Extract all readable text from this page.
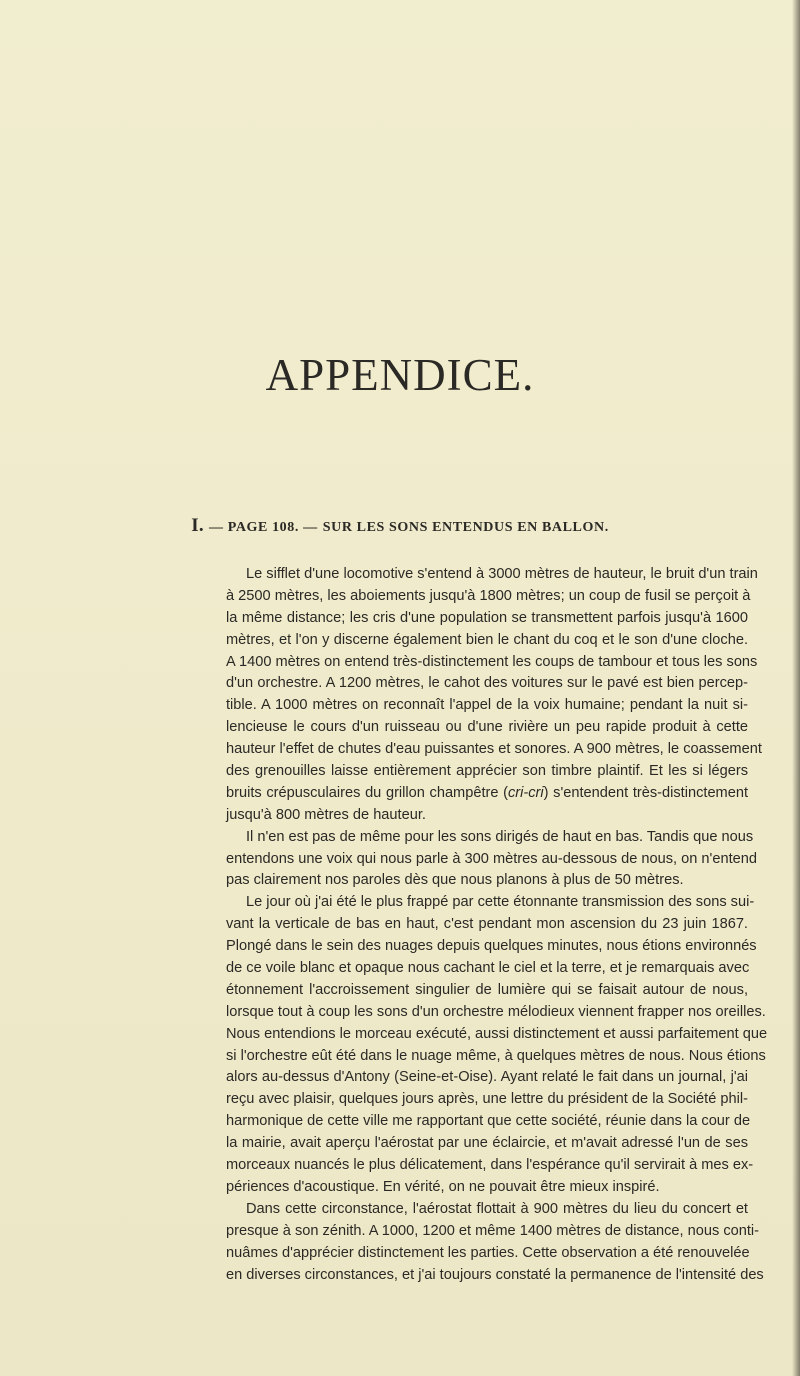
APPENDICE.
I. — PAGE 108. — SUR LES SONS ENTENDUS EN BALLON.
Le sifflet d'une locomotive s'entend à 3000 mètres de hauteur, le bruit d'un train
à 2500 mètres, les aboiements jusqu'à 1800 mètres; un coup de fusil se perçoit à
la même distance; les cris d'une population se transmettent parfois jusqu'à 1600
mètres, et l'on y discerne également bien le chant du coq et le son d'une cloche.
A 1400 mètres on entend très-distinctement les coups de tambour et tous les sons
d'un orchestre. A 1200 mètres, le cahot des voitures sur le pavé est bien percep-
tible. A 1000 mètres on reconnaît l'appel de la voix humaine; pendant la nuit si-
lencieuse le cours d'un ruisseau ou d'une rivière un peu rapide produit à cette
hauteur l'effet de chutes d'eau puissantes et sonores. A 900 mètres, le coassement
des grenouilles laisse entièrement apprécier son timbre plaintif. Et les si légers
bruits crépusculaires du grillon champêtre (cri-cri) s'entendent très-distinctement
jusqu'à 800 mètres de hauteur.
Il n'en est pas de même pour les sons dirigés de haut en bas. Tandis que nous
entendons une voix qui nous parle à 300 mètres au-dessous de nous, on n'entend
pas clairement nos paroles dès que nous planons à plus de 50 mètres.
Le jour où j'ai été le plus frappé par cette étonnante transmission des sons sui-
vant la verticale de bas en haut, c'est pendant mon ascension du 23 juin 1867.
Plongé dans le sein des nuages depuis quelques minutes, nous étions environnés
de ce voile blanc et opaque nous cachant le ciel et la terre, et je remarquais avec
étonnement l'accroissement singulier de lumière qui se faisait autour de nous,
lorsque tout à coup les sons d'un orchestre mélodieux viennent frapper nos oreilles.
Nous entendions le morceau exécuté, aussi distinctement et aussi parfaitement que
si l'orchestre eût été dans le nuage même, à quelques mètres de nous. Nous étions
alors au-dessus d'Antony (Seine-et-Oise). Ayant relaté le fait dans un journal, j'ai
reçu avec plaisir, quelques jours après, une lettre du président de la Société phil-
harmonique de cette ville me rapportant que cette société, réunie dans la cour de
la mairie, avait aperçu l'aérostat par une éclaircie, et m'avait adressé l'un de ses
morceaux nuancés le plus délicatement, dans l'espérance qu'il servirait à mes ex-
périences d'acoustique. En vérité, on ne pouvait être mieux inspiré.
Dans cette circonstance, l'aérostat flottait à 900 mètres du lieu du concert et
presque à son zénith. A 1000, 1200 et même 1400 mètres de distance, nous conti-
nuâmes d'apprécier distinctement les parties. Cette observation a été renouvelée
en diverses circonstances, et j'ai toujours constaté la permanence de l'intensité des
